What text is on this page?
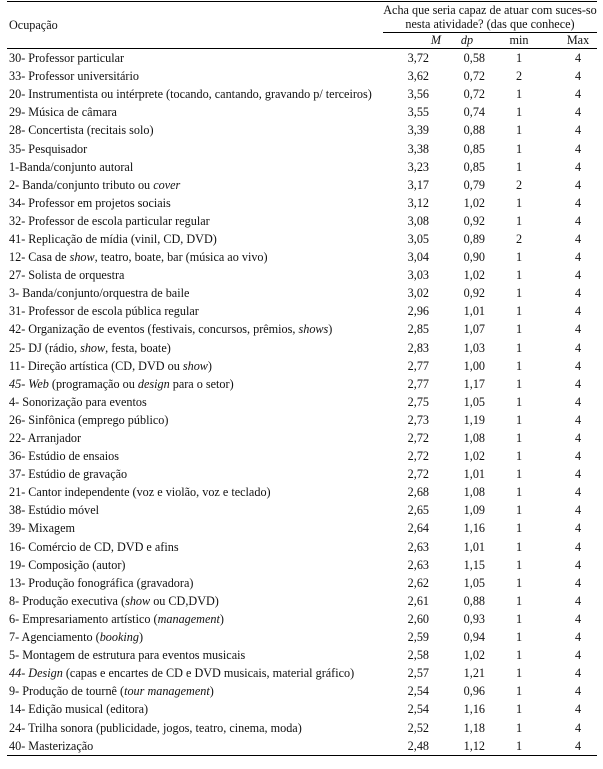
Ocupação	Acha que seria capaz de atuar com suces-so nesta atividade? (das que conhece)			
	M	dp	min	Max
30- Professor particular	3,72	0,58	1	4
33- Professor universitário	3,62	0,72	2	4
20- Instrumentista ou intérprete (tocando, cantando, gravando p/ terceiros)	3,56	0,72	1	4
29- Música de câmara	3,55	0,74	1	4
28- Concertista (recitais solo)	3,39	0,88	1	4
35- Pesquisador	3,38	0,85	1	4
1-Banda/conjunto autoral	3,23	0,85	1	4
2- Banda/conjunto tributo ou cover	3,17	0,79	2	4
34- Professor em projetos sociais	3,12	1,02	1	4
32- Professor de escola particular regular	3,08	0,92	1	4
41- Replicação de mídia (vinil, CD, DVD)	3,05	0,89	2	4
12- Casa de show, teatro, boate, bar (música ao vivo)	3,04	0,90	1	4
27- Solista de orquestra	3,03	1,02	1	4
3- Banda/conjunto/orquestra de baile	3,02	0,92	1	4
31- Professor de escola pública regular	2,96	1,01	1	4
42- Organização de eventos (festivais, concursos, prêmios, shows)	2,85	1,07	1	4
25- DJ (rádio, show, festa, boate)	2,83	1,03	1	4
11- Direção artística (CD, DVD ou show)	2,77	1,00	1	4
45- Web (programação ou design para o setor)	2,77	1,17	1	4
4- Sonorização para eventos	2,75	1,05	1	4
26- Sinfônica (emprego público)	2,73	1,19	1	4
22- Arranjador	2,72	1,08	1	4
36- Estúdio de ensaios	2,72	1,02	1	4
37- Estúdio de gravação	2,72	1,01	1	4
21- Cantor independente (voz e violão, voz e teclado)	2,68	1,08	1	4
38- Estúdio móvel	2,65	1,09	1	4
39- Mixagem	2,64	1,16	1	4
16- Comércio de CD, DVD e afins	2,63	1,01	1	4
19- Composição (autor)	2,63	1,15	1	4
13- Produção fonográfica (gravadora)	2,62	1,05	1	4
8- Produção executiva (show ou CD,DVD)	2,61	0,88	1	4
6- Empresariamento artístico (management)	2,60	0,93	1	4
7- Agenciamento (booking)	2,59	0,94	1	4
5- Montagem de estrutura para eventos musicais	2,58	1,02	1	4
44- Design (capas e encartes de CD e DVD musicais, material gráfico)	2,57	1,21	1	4
9- Produção de tournê (tour management)	2,54	0,96	1	4
14- Edição musical (editora)	2,54	1,16	1	4
24- Trilha sonora (publicidade, jogos, teatro, cinema, moda)	2,52	1,18	1	4
40- Masterização	2,48	1,12	1	4
